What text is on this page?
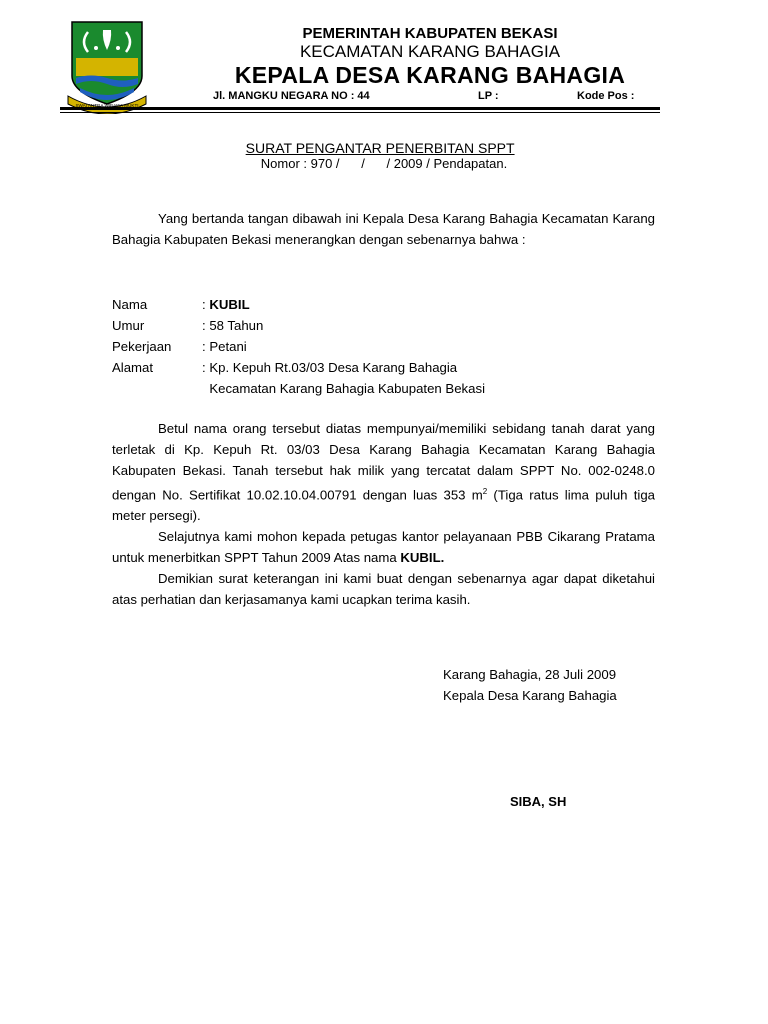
SWATANTRA WIBAWA MUKTI
PEMERINTAH KABUPATEN BEKASI
KECAMATAN KARANG BAHAGIA
KEPALA DESA KARANG BAHAGIA
Jl. MANGKU NEGARA NO : 44	LP :	Kode Pos :
SURAT PENGANTAR PENERBITAN SPPT
Nomor : 970 /      /      / 2009 / Pendapatan.

Yang bertanda tangan dibawah ini Kepala Desa Karang Bahagia Kecamatan Karang Bahagia Kabupaten Bekasi menerangkan dengan sebenarnya bahwa :

Nama	: KUBIL
Umur	: 58 Tahun
Pekerjaan	: Petani
Alamat	: Kp. Kepuh Rt.03/03 Desa Karang Bahagia
Kecamatan Karang Bahagia Kabupaten Bekasi

Betul nama orang tersebut diatas mempunyai/memiliki sebidang tanah darat yang terletak di Kp. Kepuh Rt. 03/03 Desa Karang Bahagia Kecamatan Karang Bahagia Kabupaten Bekasi. Tanah tersebut hak milik yang tercatat dalam SPPT No. 002-0248.0 dengan No. Sertifikat 10.02.10.04.00791 dengan luas 353 $m^2$ (Tiga ratus lima puluh tiga meter persegi).

Selajutnya kami mohon kepada petugas kantor pelayanaan PBB Cikarang Pratama untuk menerbitkan SPPT Tahun 2009 Atas nama KUBIL.

Demikian surat keterangan ini kami buat dengan sebenarnya agar dapat diketahui atas perhatian dan kerjasamanya kami ucapkan terima kasih.

Karang Bahagia, 28 Juli 2009
Kepala Desa Karang Bahagia
SIBA, SH
